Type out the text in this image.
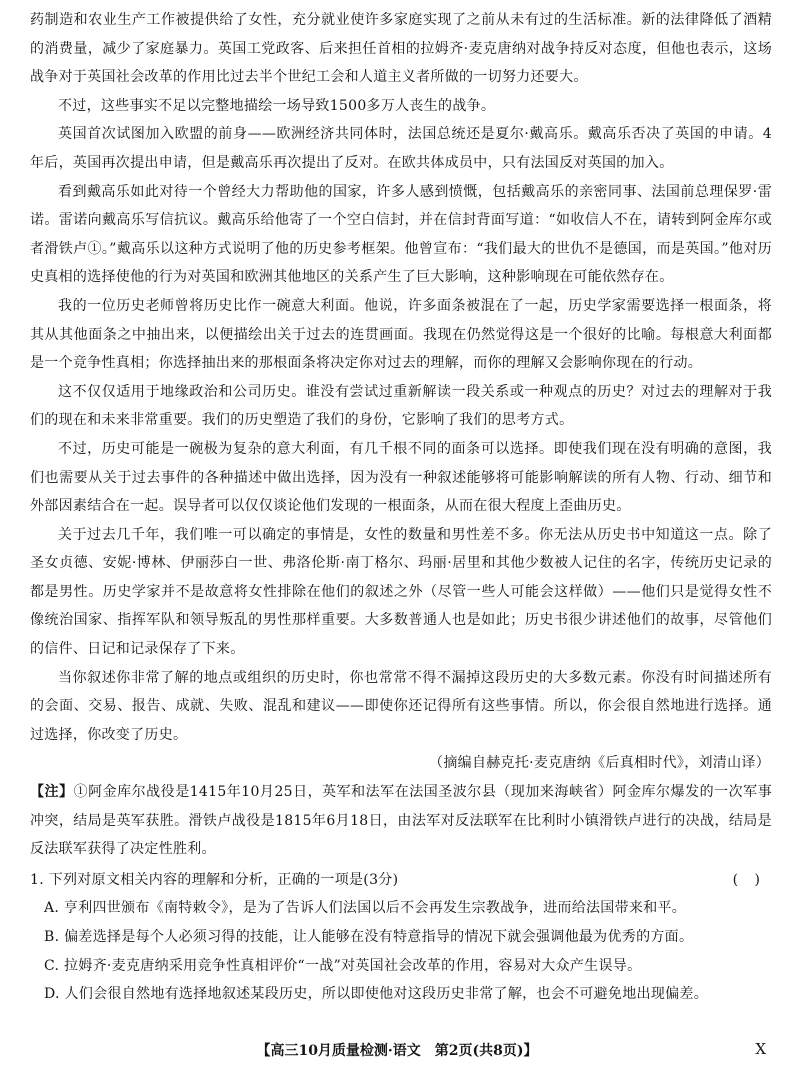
药制造和农业生产工作被提供给了女性，充分就业使许多家庭实现了之前从未有过的生活标准。新的法律降低了酒精的消费量，减少了家庭暴力。英国工党政客、后来担任首相的拉姆齐·麦克唐纳对战争持反对态度，但他也表示，这场战争对于英国社会改革的作用比过去半个世纪工会和人道主义者所做的一切努力还要大。

不过，这些事实不足以完整地描绘一场导致1500多万人丧生的战争。

英国首次试图加入欧盟的前身——欧洲经济共同体时，法国总统还是夏尔·戴高乐。戴高乐否决了英国的申请。4年后，英国再次提出申请，但是戴高乐再次提出了反对。在欧共体成员中，只有法国反对英国的加入。

看到戴高乐如此对待一个曾经大力帮助他的国家，许多人感到愤慨，包括戴高乐的亲密同事、法国前总理保罗·雷诺。雷诺向戴高乐写信抗议。戴高乐给他寄了一个空白信封，并在信封背面写道：“如收信人不在，请转到阿金库尔或者滑铁卢①。”戴高乐以这种方式说明了他的历史参考框架。他曾宣布：“我们最大的世仇不是德国，而是英国。”他对历史真相的选择使他的行为对英国和欧洲其他地区的关系产生了巨大影响，这种影响现在可能依然存在。

我的一位历史老师曾将历史比作一碗意大利面。他说，许多面条被混在了一起，历史学家需要选择一根面条，将其从其他面条之中抽出来，以便描绘出关于过去的连贯画面。我现在仍然觉得这是一个很好的比喻。每根意大利面都是一个竞争性真相；你选择抽出来的那根面条将决定你对过去的理解，而你的理解又会影响你现在的行动。

这不仅仅适用于地缘政治和公司历史。谁没有尝试过重新解读一段关系或一种观点的历史？对过去的理解对于我们的现在和未来非常重要。我们的历史塑造了我们的身份，它影响了我们的思考方式。

不过，历史可能是一碗极为复杂的意大利面，有几千根不同的面条可以选择。即使我们现在没有明确的意图，我们也需要从关于过去事件的各种描述中做出选择，因为没有一种叙述能够将可能影响解读的所有人物、行动、细节和外部因素结合在一起。误导者可以仅仅谈论他们发现的一根面条，从而在很大程度上歪曲历史。

关于过去几千年，我们唯一可以确定的事情是，女性的数量和男性差不多。你无法从历史书中知道这一点。除了圣女贞德、安妮·博林、伊丽莎白一世、弗洛伦斯·南丁格尔、玛丽·居里和其他少数被人记住的名字，传统历史记录的都是男性。历史学家并不是故意将女性排除在他们的叙述之外（尽管一些人可能会这样做）——他们只是觉得女性不像统治国家、指挥军队和领导叛乱的男性那样重要。大多数普通人也是如此；历史书很少讲述他们的故事，尽管他们的信件、日记和记录保存了下来。

当你叙述你非常了解的地点或组织的历史时，你也常常不得不漏掉这段历史的大多数元素。你没有时间描述所有的会面、交易、报告、成就、失败、混乱和建议——即使你还记得所有这些事情。所以，你会很自然地进行选择。通过选择，你改变了历史。

（摘编自赫克托·麦克唐纳《后真相时代》，刘清山译）

【注】①阿金库尔战役是1415年10月25日，英军和法军在法国圣波尔县（现加来海峡省）阿金库尔爆发的一次军事冲突，结局是英军获胜。滑铁卢战役是1815年6月18日，由法军对反法联军在比利时小镇滑铁卢进行的决战，结局是反法联军获得了决定性胜利。

1. 下列对原文相关内容的理解和分析，正确的一项是(3分)	( )

A. 亨利四世颁布《南特敕令》，是为了告诉人们法国以后不会再发生宗教战争，进而给法国带来和平。

B. 偏差选择是每个人必须习得的技能，让人能够在没有特意指导的情况下就会强调他最为优秀的方面。

C. 拉姆齐·麦克唐纳采用竞争性真相评价“一战”对英国社会改革的作用，容易对大众产生误导。

D. 人们会很自然地有选择地叙述某段历史，所以即使他对这段历史非常了解，也会不可避免地出现偏差。

【高三10月质量检测·语文　第2页(共8页)】	X
